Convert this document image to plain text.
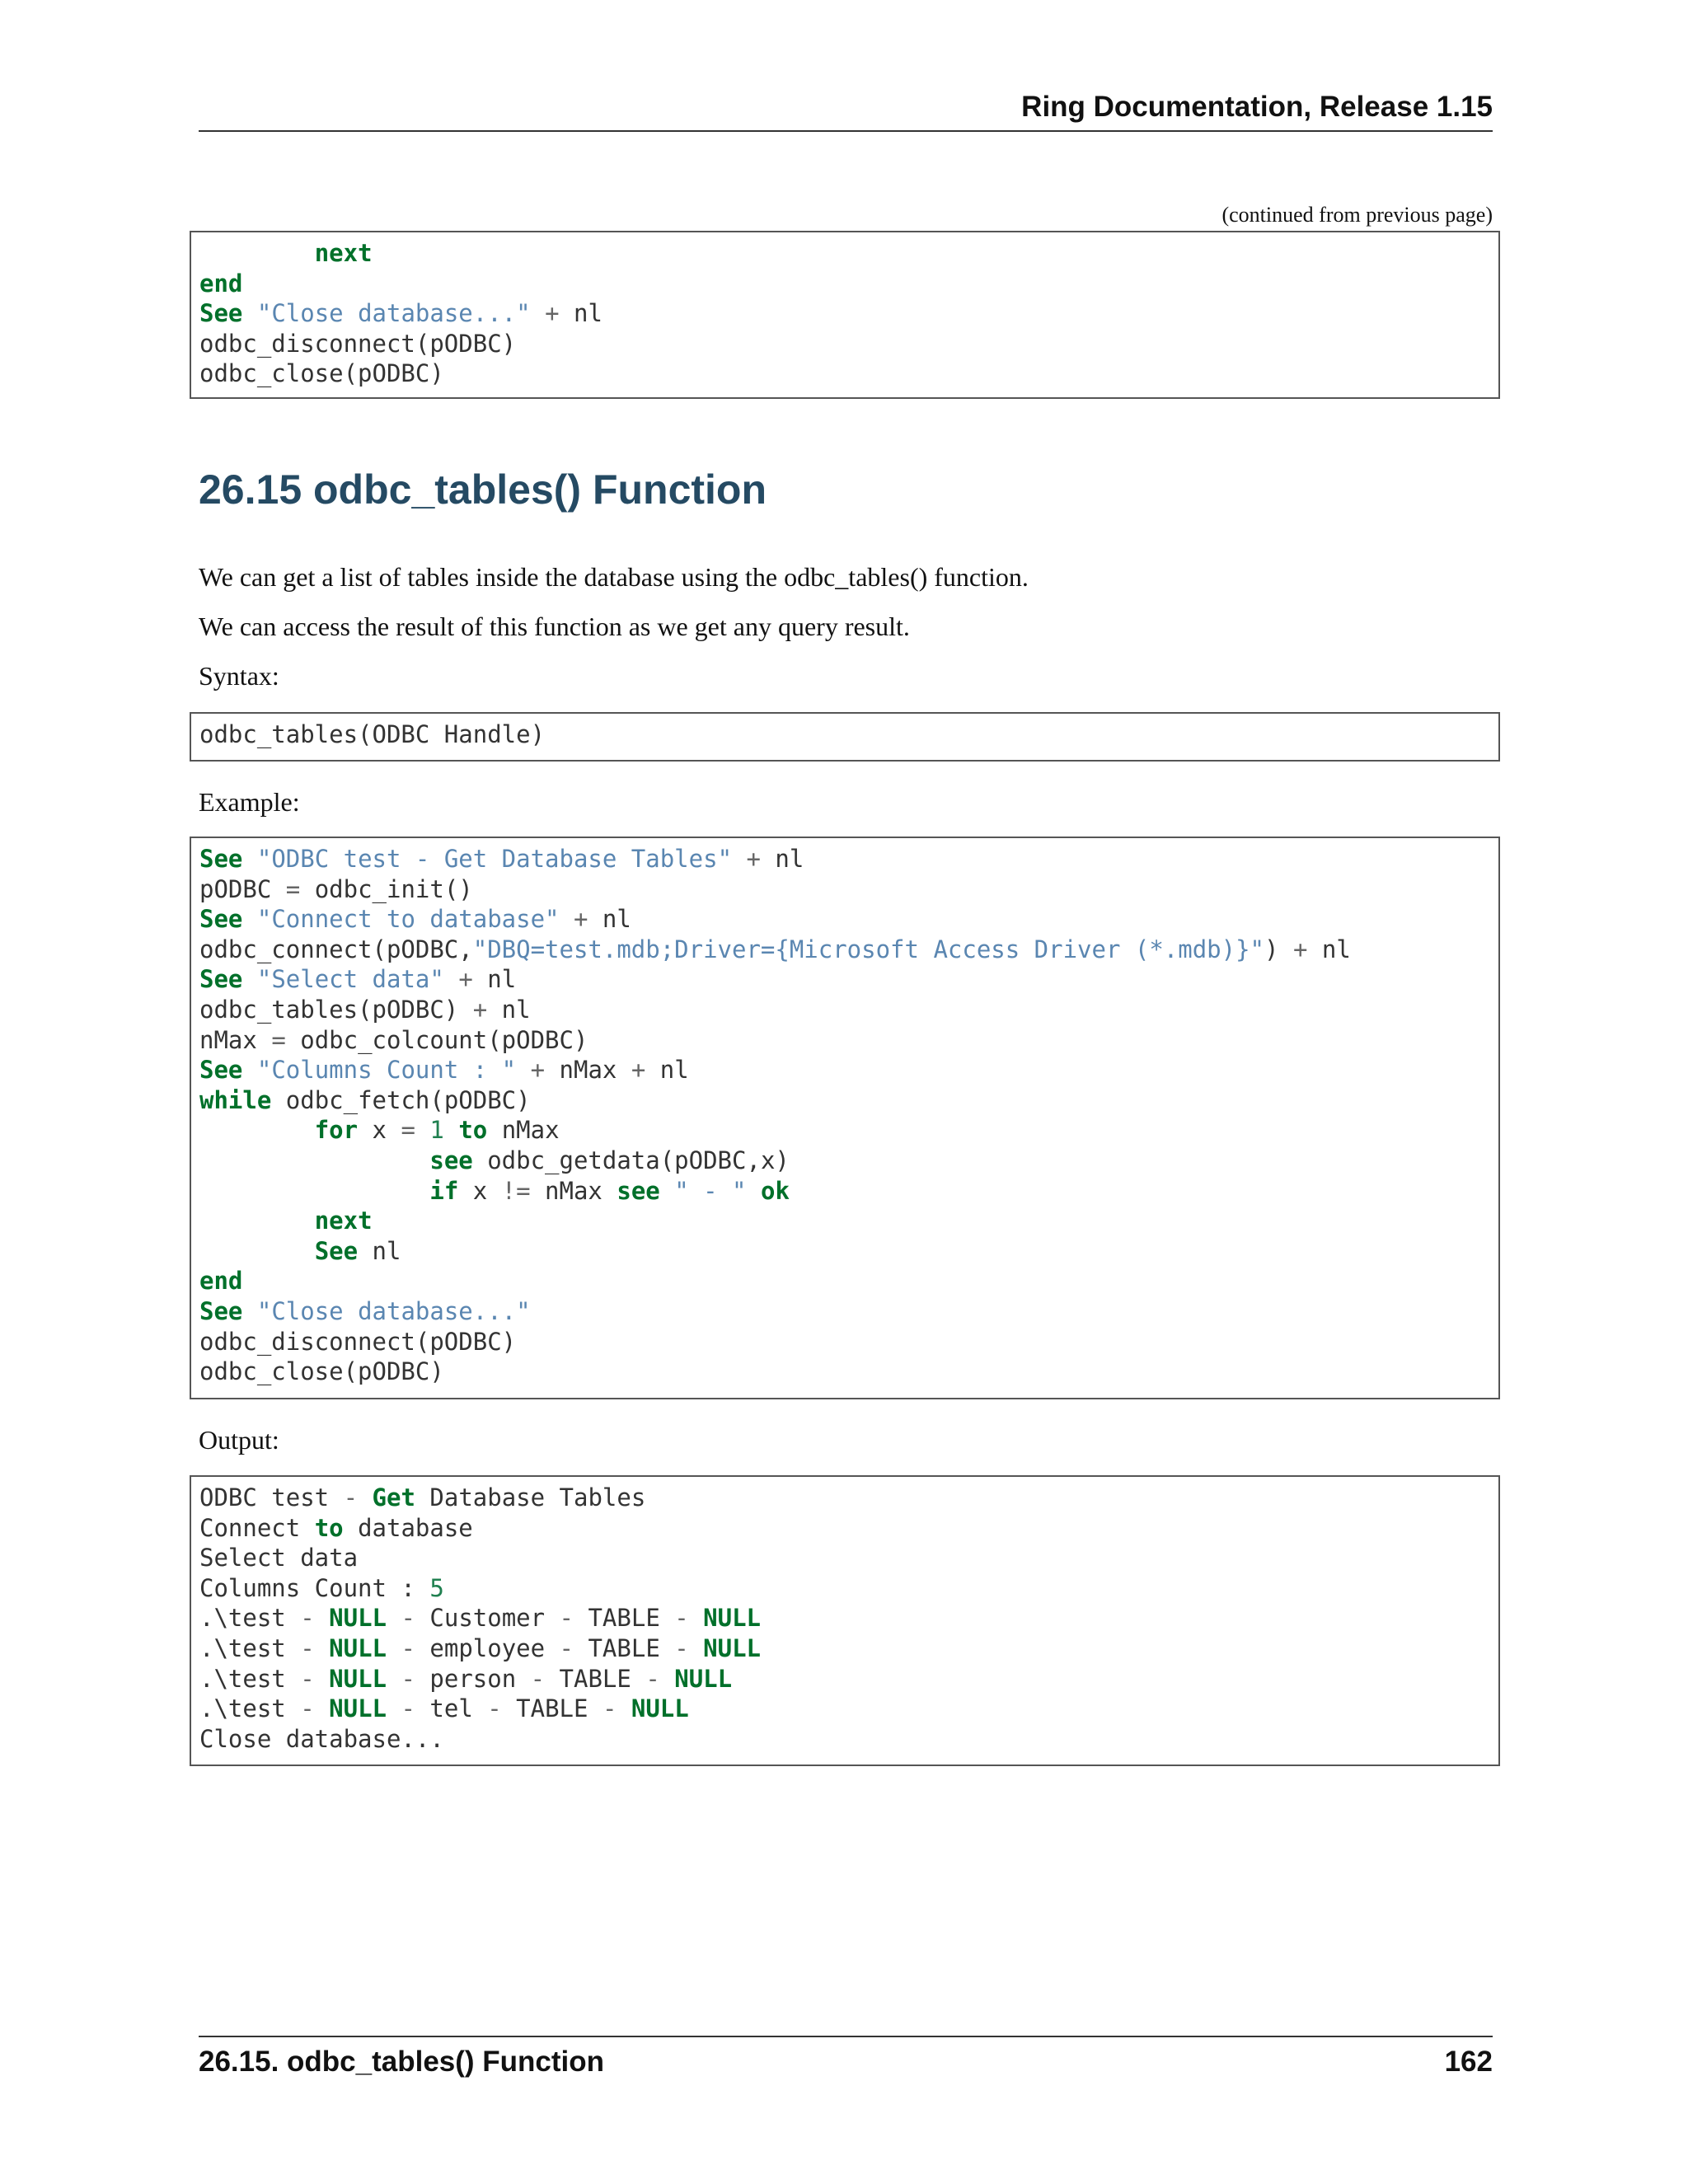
Ring Documentation, Release 1.15
(continued from previous page)
next
end
See "Close database..." + nl
odbc_disconnect(pODBC)
odbc_close(pODBC)
26.15 odbc_tables() Function

We can get a list of tables inside the database using the odbc_tables() function.

We can access the result of this function as we get any query result.

Syntax:

odbc_tables(ODBC Handle)

Example:

See "ODBC test - Get Database Tables" + nl
pODBC = odbc_init()
See "Connect to database" + nl
odbc_connect(pODBC,"DBQ=test.mdb;Driver={Microsoft Access Driver (*.mdb)}") + nl
See "Select data" + nl
odbc_tables(pODBC) + nl
nMax = odbc_colcount(pODBC)
See "Columns Count : " + nMax + nl
while odbc_fetch(pODBC)
for x = 1 to nMax
see odbc_getdata(pODBC,x)
if x != nMax see " - " ok
next
See nl
end
See "Close database..."
odbc_disconnect(pODBC)
odbc_close(pODBC)

Output:

ODBC test - Get Database Tables
Connect to database
Select data
Columns Count : 5
.\test - NULL - Customer - TABLE - NULL
.\test - NULL - employee - TABLE - NULL
.\test - NULL - person - TABLE - NULL
.\test - NULL - tel - TABLE - NULL
Close database...
26.15. odbc_tables() Function	162
